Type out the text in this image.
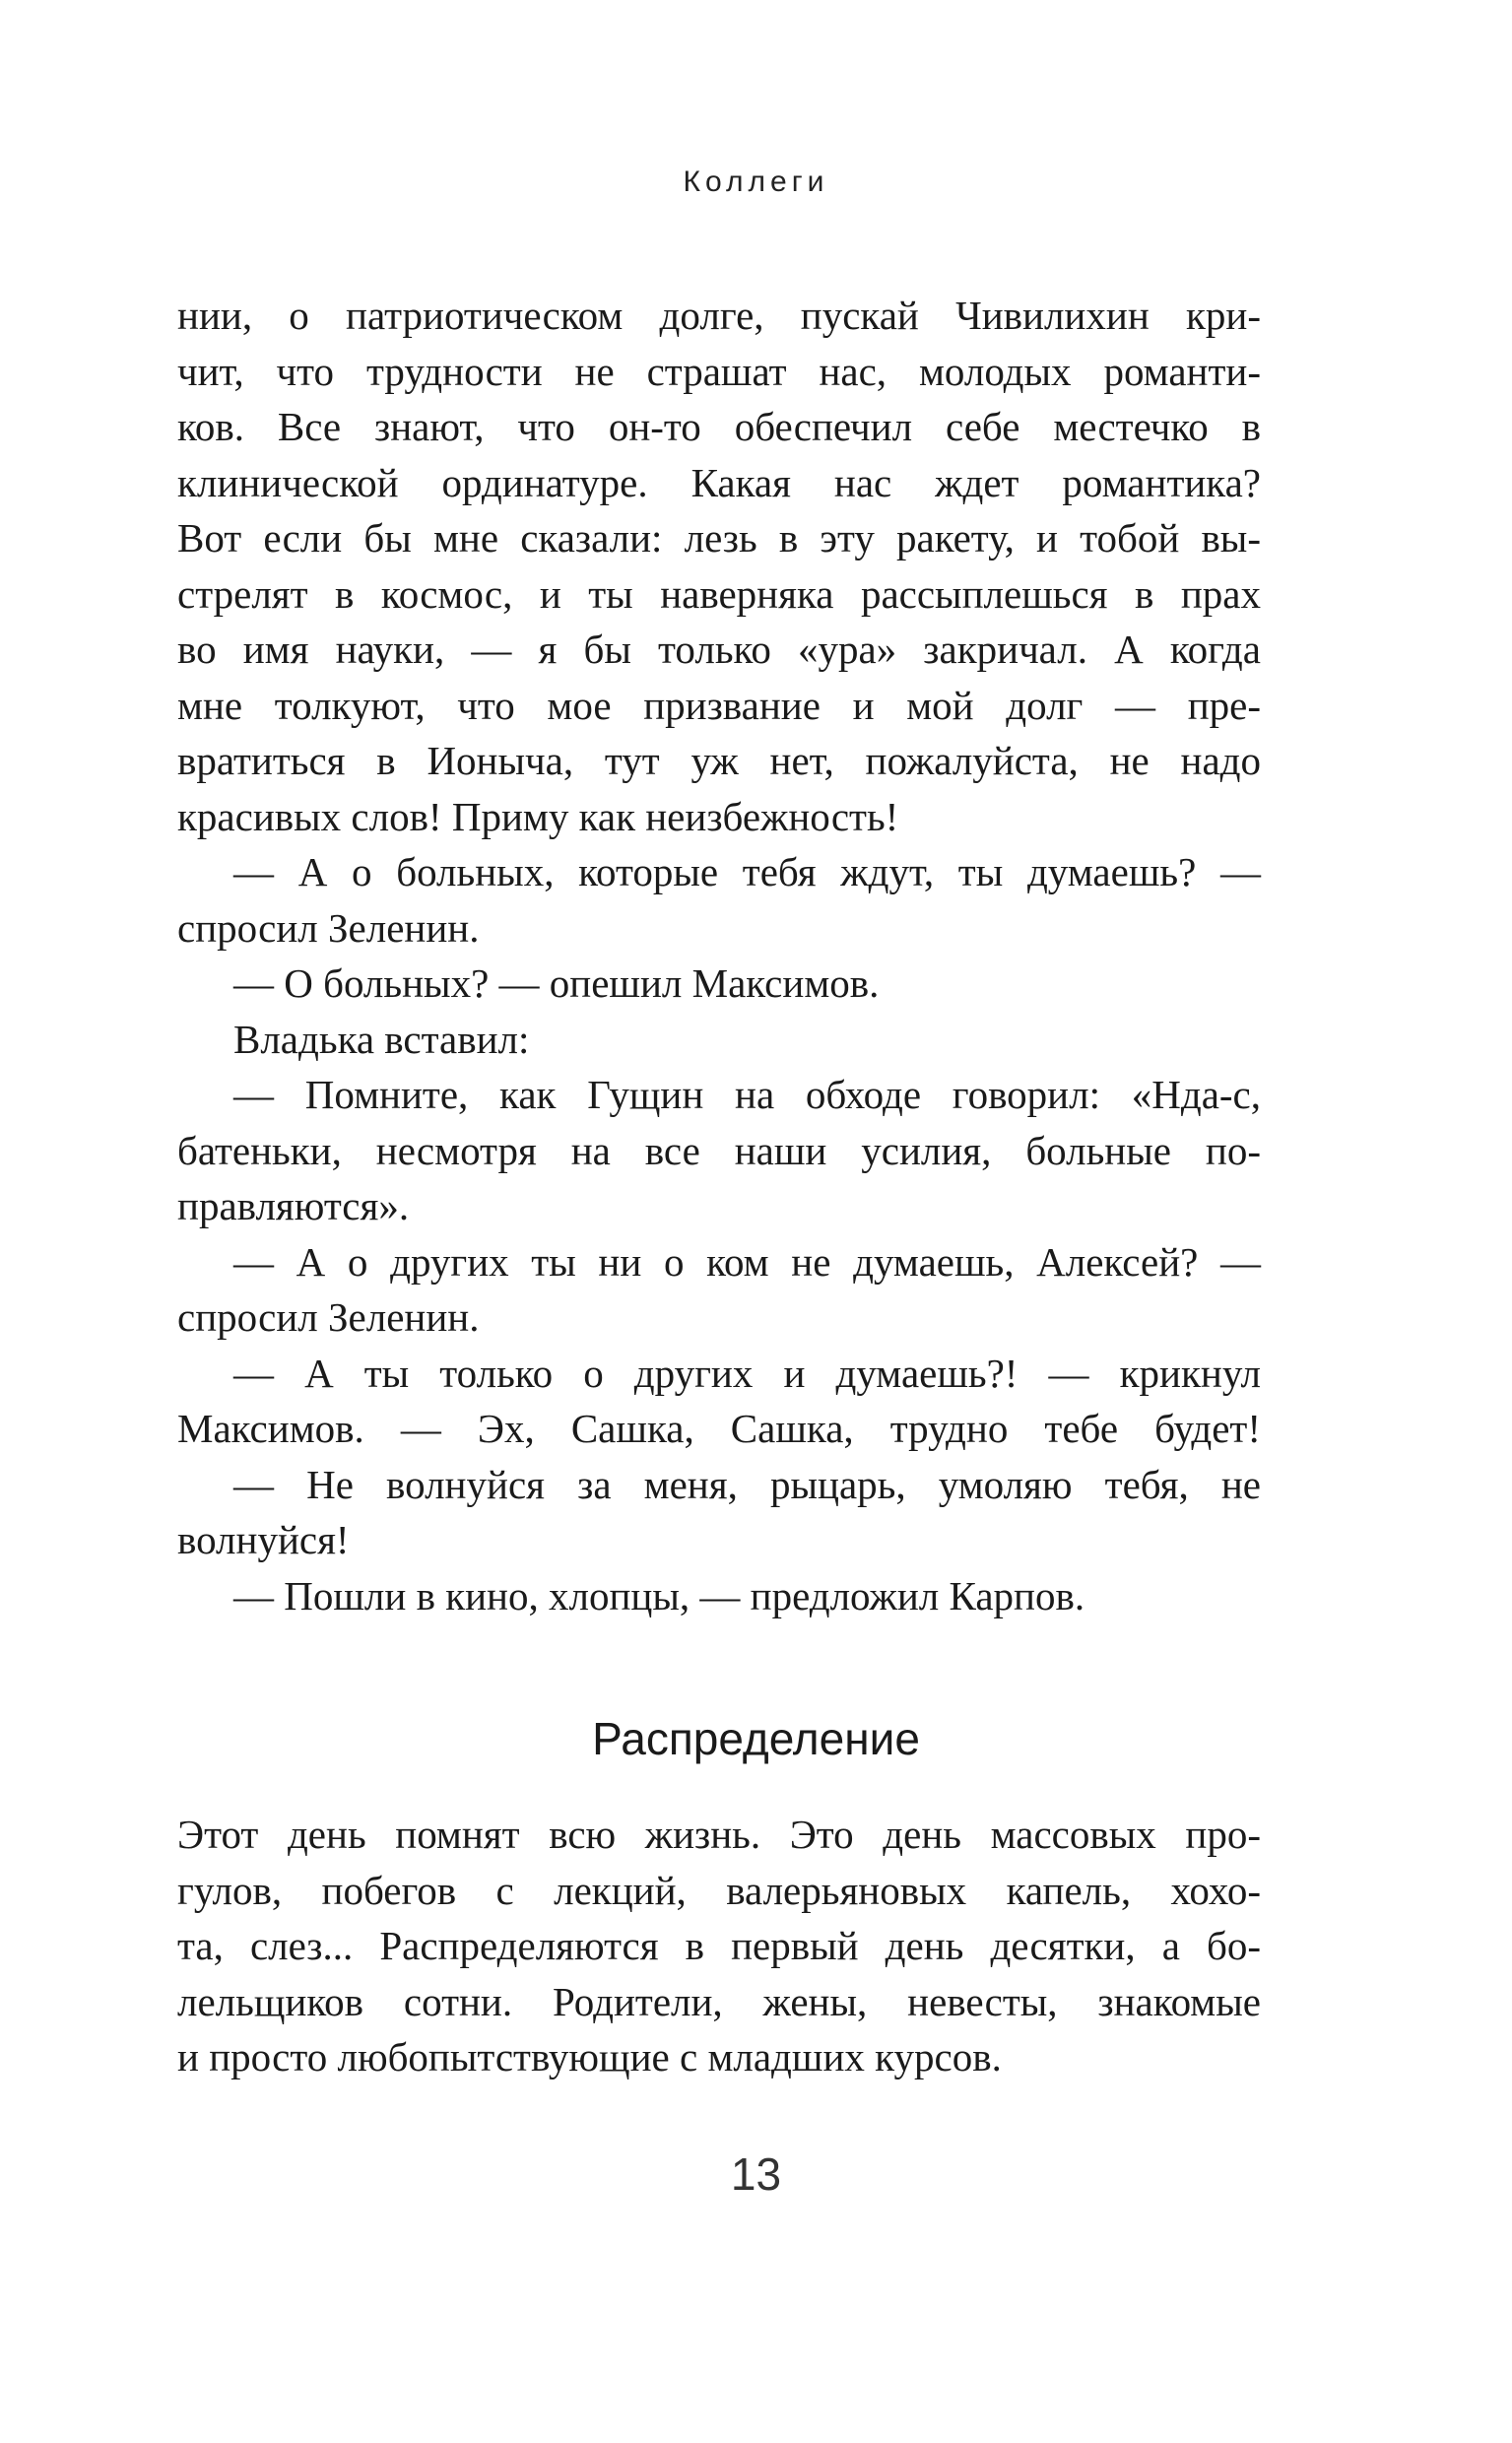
Коллеги
нии, о патриотическом долге, пускай Чивилихин кри-
чит, что трудности не страшат нас, молодых романти-
ков. Все знают, что он-то обеспечил себе местечко в
клинической ординатуре. Какая нас ждет романтика?
Вот если бы мне сказали: лезь в эту ракету, и тобой вы-
стрелят в космос, и ты наверняка рассыплешься в прах
во имя науки, — я бы только «ура» закричал. А когда
мне толкуют, что мое призвание и мой долг — пре-
вратиться в Ионыча, тут уж нет, пожалуйста, не надо
красивых слов! Приму как неизбежность!
— А о больных, которые тебя ждут, ты думаешь? —
спросил Зеленин.
— О больных? — опешил Максимов.
Владька вставил:
— Помните, как Гущин на обходе говорил: «Нда-с,
батеньки, несмотря на все наши усилия, больные по-
правляются».
— А о других ты ни о ком не думаешь, Алексей? —
спросил Зеленин.
— А ты только о других и думаешь?! — крикнул
Максимов. — Эх, Сашка, Сашка, трудно тебе будет!
— Не волнуйся за меня, рыцарь, умоляю тебя, не
волнуйся!
— Пошли в кино, хлопцы, — предложил Карпов.
Распределение
Этот день помнят всю жизнь. Это день массовых про-
гулов, побегов с лекций, валерьяновых капель, хохо-
та, слез... Распределяются в первый день десятки, а бо-
лельщиков сотни. Родители, жены, невесты, знакомые
и просто любопытствующие с младших курсов.
13
